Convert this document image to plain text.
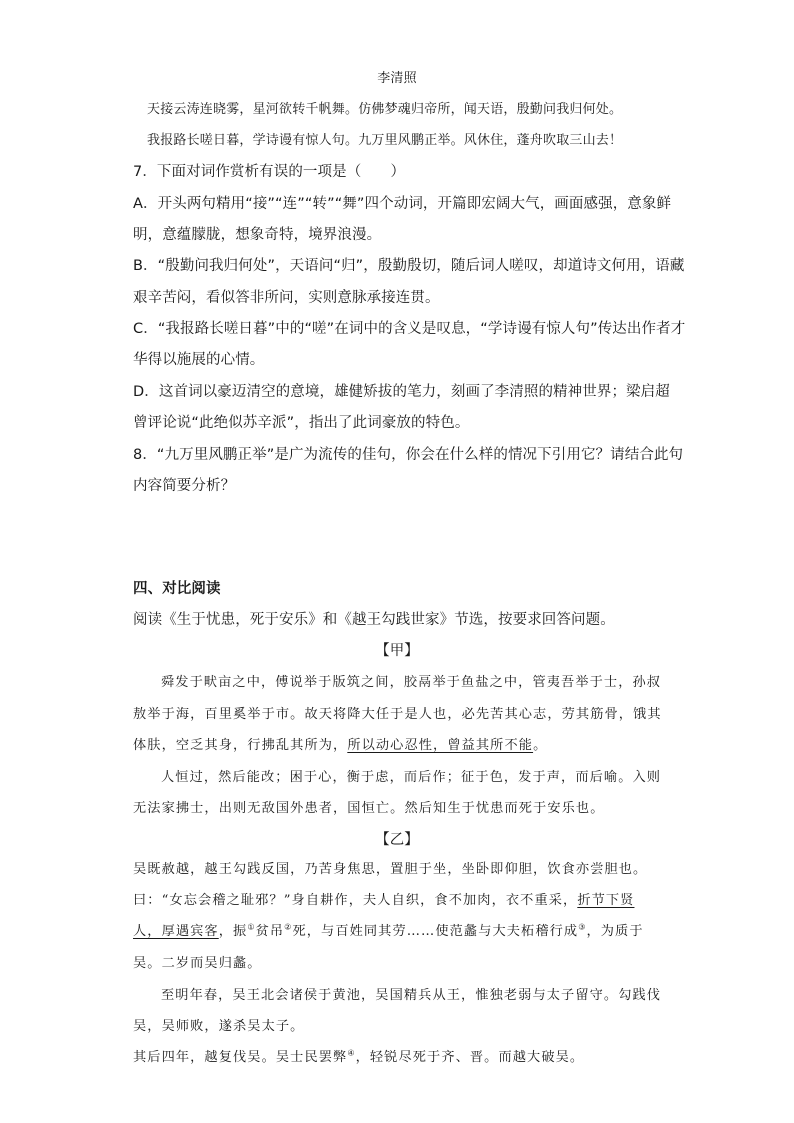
李清照
天接云涛连晓雾，星河欲转千帆舞。仿佛梦魂归帝所，闻天语，殷勤问我归何处。
我报路长嗟日暮，学诗谩有惊人句。九万里风鹏正举。风休住，蓬舟吹取三山去！
7．下面对词作赏析有误的一项是（　　）
A．开头两句精用“接”“连”“转”“舞”四个动词，开篇即宏阔大气，画面感强，意象鲜
明，意蕴朦胧，想象奇特，境界浪漫。
B．“殷勤问我归何处”，天语问“归”，殷勤殷切，随后词人嗟叹，却道诗文何用，语藏
艰辛苦闷，看似答非所问，实则意脉承接连贯。
C．“我报路长嗟日暮”中的“嗟”在词中的含义是叹息，“学诗谩有惊人句”传达出作者才
华得以施展的心情。
D．这首词以豪迈清空的意境，雄健矫拔的笔力，刻画了李清照的精神世界；梁启超
曾评论说“此绝似苏辛派”，指出了此词豪放的特色。
8．“九万里风鹏正举”是广为流传的佳句，你会在什么样的情况下引用它？请结合此句
内容简要分析？
四、对比阅读
阅读《生于忧患，死于安乐》和《越王勾践世家》节选，按要求回答问题。
【甲】
舜发于畎亩之中，傅说举于版筑之间，胶鬲举于鱼盐之中，管夷吾举于士，孙叔
敖举于海，百里奚举于市。故天将降大任于是人也，必先苦其心志，劳其筋骨，饿其
体肤，空乏其身，行拂乱其所为，所以动心忍性，曾益其所不能。
人恒过，然后能改；困于心，衡于虑，而后作；征于色，发于声，而后喻。入则
无法家拂士，出则无敌国外患者，国恒亡。然后知生于忧患而死于安乐也。
【乙】
吴既赦越，越王勾践反国，乃苦身焦思，置胆于坐，坐卧即仰胆，饮食亦尝胆也。
曰：“女忘会稽之耻邪？”身自耕作，夫人自织，食不加肉，衣不重采，折节下贤
人，厚遇宾客，振①贫吊②死，与百姓同其劳……使范蠡与大夫柘稽行成③，为质于
吴。二岁而吴归蠡。
至明年春，吴王北会诸侯于黄池，吴国精兵从王，惟独老弱与太子留守。勾践伐
吴，吴师败，遂杀吴太子。
其后四年，越复伐吴。吴士民罢弊④，轻锐尽死于齐、晋。而越大破吴。
